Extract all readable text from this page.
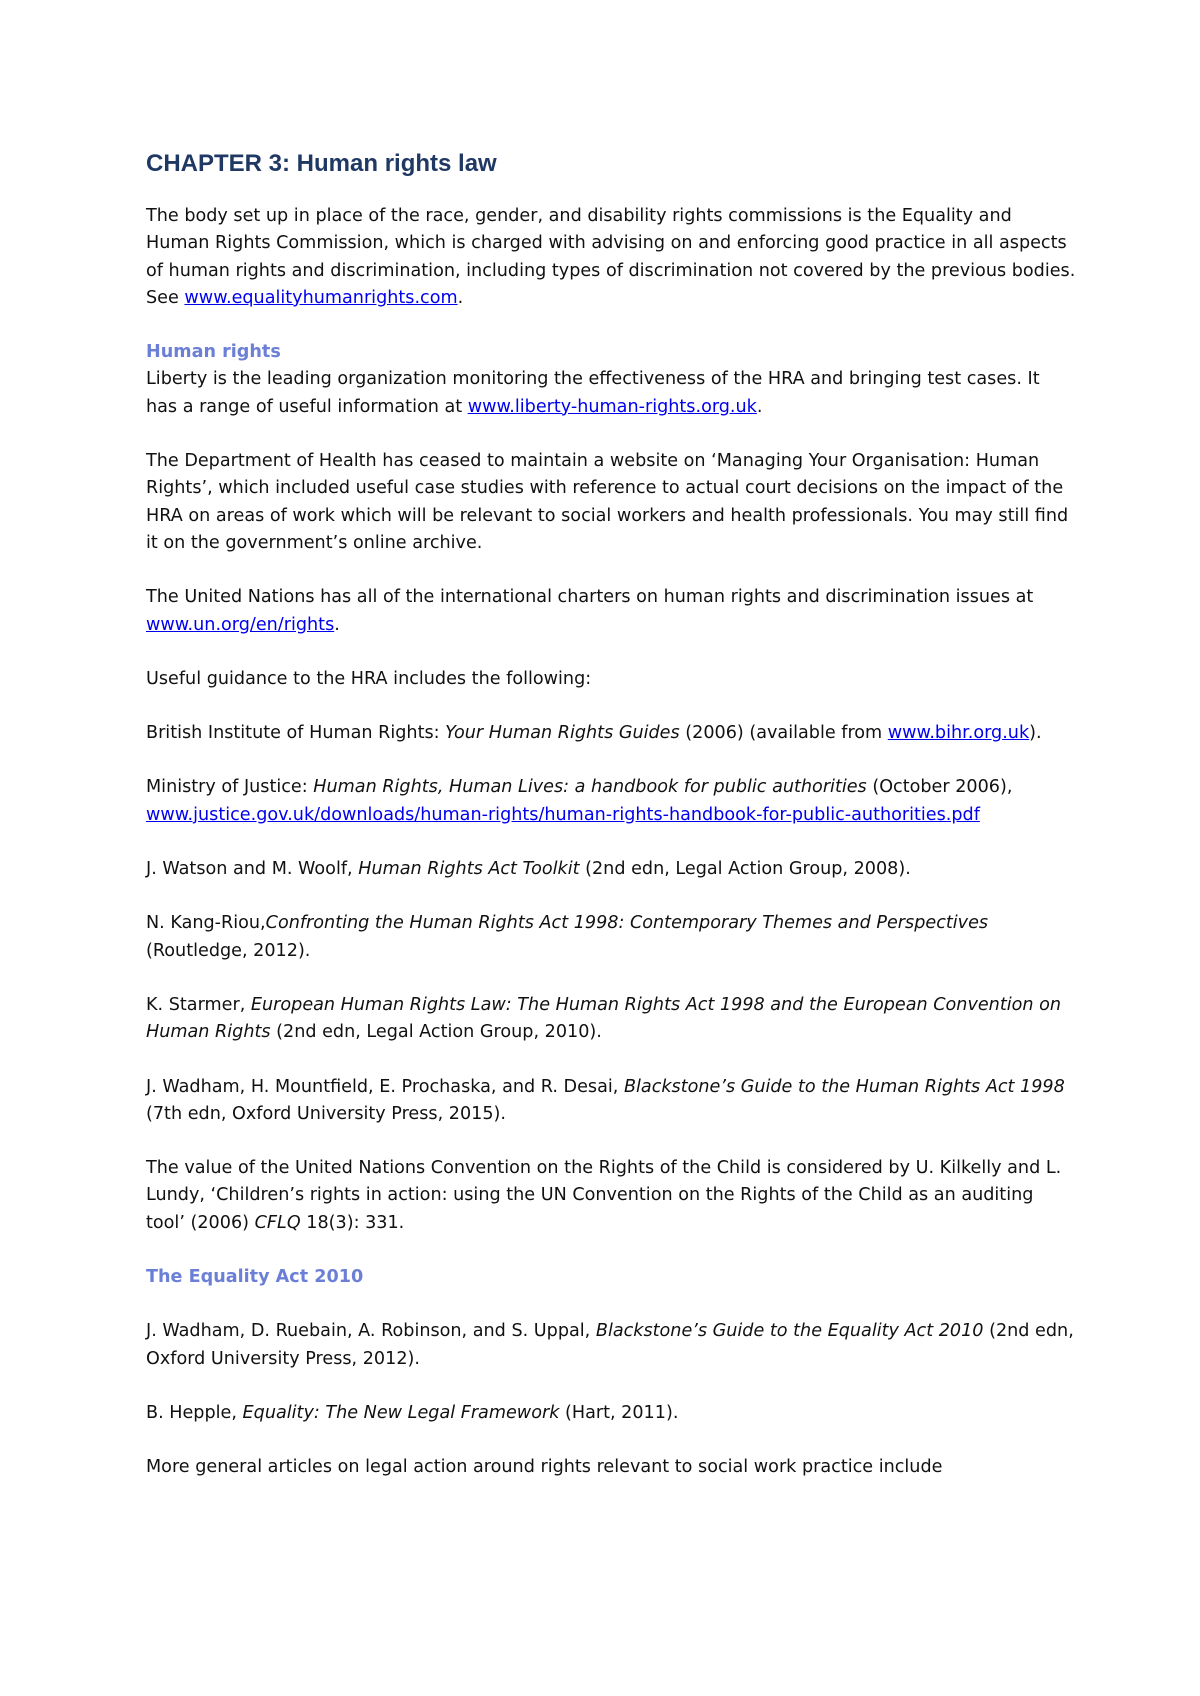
CHAPTER 3: Human rights law

The body set up in place of the race, gender, and disability rights commissions is the Equality and Human Rights Commission, which is charged with advising on and enforcing good practice in all aspects of human rights and discrimination, including types of discrimination not covered by the previous bodies. See www.equalityhumanrights.com.

Human rights

Liberty is the leading organization monitoring the effectiveness of the HRA and bringing test cases. It has a range of useful information at www.liberty-human-rights.org.uk.

The Department of Health has ceased to maintain a website on ‘Managing Your Organisation: Human Rights’, which included useful case studies with reference to actual court decisions on the impact of the HRA on areas of work which will be relevant to social workers and health professionals. You may still find it on the government’s online archive.

The United Nations has all of the international charters on human rights and discrimination issues at www.un.org/en/rights.

Useful guidance to the HRA includes the following:

British Institute of Human Rights: Your Human Rights Guides (2006) (available from www.bihr.org.uk).

Ministry of Justice: Human Rights, Human Lives: a handbook for public authorities (October 2006), www.justice.gov.uk/downloads/human-rights/human-rights-handbook-for-public-authorities.pdf

J. Watson and M. Woolf, Human Rights Act Toolkit (2nd edn, Legal Action Group, 2008).

N. Kang-Riou,Confronting the Human Rights Act 1998: Contemporary Themes and Perspectives (Routledge, 2012).

K. Starmer, European Human Rights Law: The Human Rights Act 1998 and the European Convention on Human Rights (2nd edn, Legal Action Group, 2010).

J. Wadham, H. Mountfield, E. Prochaska, and R. Desai, Blackstone’s Guide to the Human Rights Act 1998 (7th edn, Oxford University Press, 2015).

The value of the United Nations Convention on the Rights of the Child is considered by U. Kilkelly and L. Lundy, ‘Children’s rights in action: using the UN Convention on the Rights of the Child as an auditing tool’ (2006) CFLQ 18(3): 331.

The Equality Act 2010

J. Wadham, D. Ruebain, A. Robinson, and S. Uppal, Blackstone’s Guide to the Equality Act 2010 (2nd edn, Oxford University Press, 2012).

B. Hepple, Equality: The New Legal Framework (Hart, 2011).

More general articles on legal action around rights relevant to social work practice include
